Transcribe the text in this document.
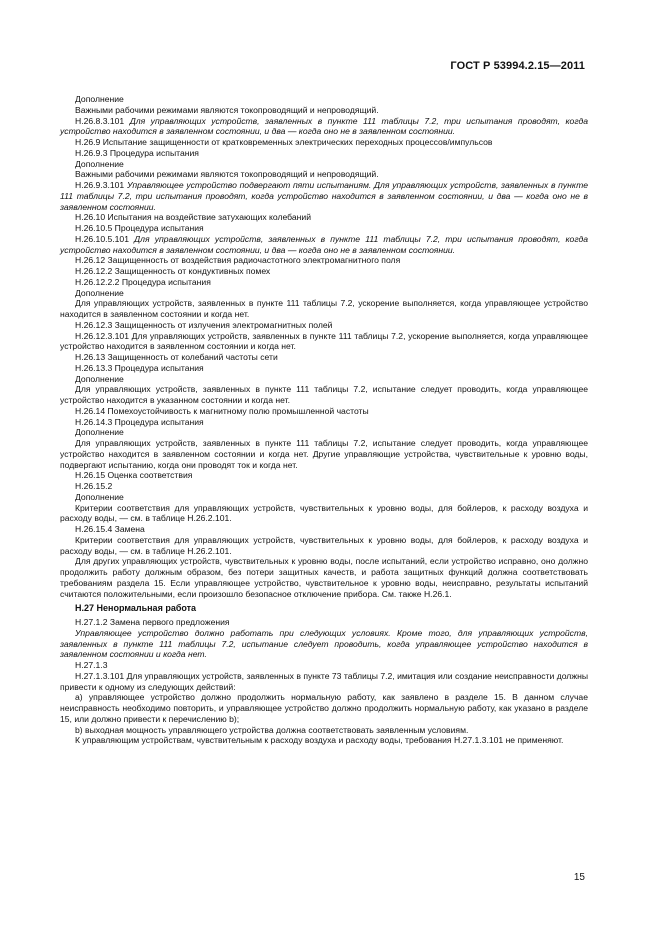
ГОСТ Р 53994.2.15—2011

Дополнение

Важными рабочими режимами являются токопроводящий и непроводящий.

H.26.8.3.101 Для управляющих устройств, заявленных в пункте 111 таблицы 7.2, три испытания проводят, когда устройство находится в заявленном состоянии, и два — когда оно не в заявленном состоянии.

H.26.9 Испытание защищенности от кратковременных электрических переходных процессов/импульсов

H.26.9.3 Процедура испытания

Дополнение

Важными рабочими режимами являются токопроводящий и непроводящий.

H.26.9.3.101 Управляющее устройство подвергают пяти испытаниям. Для управляющих устройств, заявленных в пункте 111 таблицы 7.2, три испытания проводят, когда устройство находится в заявленном состоянии, и два — когда оно не в заявленном состоянии.

H.26.10 Испытания на воздействие затухающих колебаний

H.26.10.5 Процедура испытания

H.26.10.5.101 Для управляющих устройств, заявленных в пункте 111 таблицы 7.2, три испытания проводят, когда устройство находится в заявленном состоянии, и два — когда оно не в заявленном состоянии.

H.26.12 Защищенность от воздействия радиочастотного электромагнитного поля

H.26.12.2 Защищенность от кондуктивных помех

H.26.12.2.2 Процедура испытания

Дополнение

Для управляющих устройств, заявленных в пункте 111 таблицы 7.2, ускорение выполняется, когда управляющее устройство находится в заявленном состоянии и когда нет.

H.26.12.3 Защищенность от излучения электромагнитных полей

H.26.12.3.101 Для управляющих устройств, заявленных в пункте 111 таблицы 7.2, ускорение выполняется, когда управляющее устройство находится в заявленном состоянии и когда нет.

H.26.13 Защищенность от колебаний частоты сети

H.26.13.3 Процедура испытания

Дополнение

Для управляющих устройств, заявленных в пункте 111 таблицы 7.2, испытание следует проводить, когда управляющее устройство находится в указанном состоянии и когда нет.

H.26.14 Помехоустойчивость к магнитному полю промышленной частоты

H.26.14.3 Процедура испытания

Дополнение

Для управляющих устройств, заявленных в пункте 111 таблицы 7.2, испытание следует проводить, когда управляющее устройство находится в заявленном состоянии и когда нет. Другие управляющие устройства, чувствительные к уровню воды, подвергают испытанию, когда они проводят ток и когда нет.

H.26.15 Оценка соответствия

H.26.15.2

Дополнение

Критерии соответствия для управляющих устройств, чувствительных к уровню воды, для бойлеров, к расходу воздуха и расходу воды, — см. в таблице H.26.2.101.

H.26.15.4 Замена

Критерии соответствия для управляющих устройств, чувствительных к уровню воды, для бойлеров, к расходу воздуха и расходу воды, — см. в таблице H.26.2.101.

Для других управляющих устройств, чувствительных к уровню воды, после испытаний, если устройство исправно, оно должно продолжить работу должным образом, без потери защитных качеств, и работа защитных функций должна соответствовать требованиям раздела 15. Если управляющее устройство, чувствительное к уровню воды, неисправно, результаты испытаний считаются положительными, если произошло безопасное отключение прибора. См. также H.26.1.

H.27 Ненормальная работа

H.27.1.2 Замена первого предложения

Управляющее устройство должно работать при следующих условиях. Кроме того, для управляющих устройств, заявленных в пункте 111 таблицы 7.2, испытание следует проводить, когда управляющее устройство находится в заявленном состоянии и когда нет.

H.27.1.3

H.27.1.3.101 Для управляющих устройств, заявленных в пункте 73 таблицы 7.2, имитация или создание неисправности должны привести к одному из следующих действий:

a) управляющее устройство должно продолжить нормальную работу, как заявлено в разделе 15. В данном случае неисправность необходимо повторить, и управляющее устройство должно продолжить нормальную работу, как указано в разделе 15, или должно привести к перечислению b);

b) выходная мощность управляющего устройства должна соответствовать заявленным условиям.

К управляющим устройствам, чувствительным к расходу воздуха и расходу воды, требования H.27.1.3.101 не применяют.

15
